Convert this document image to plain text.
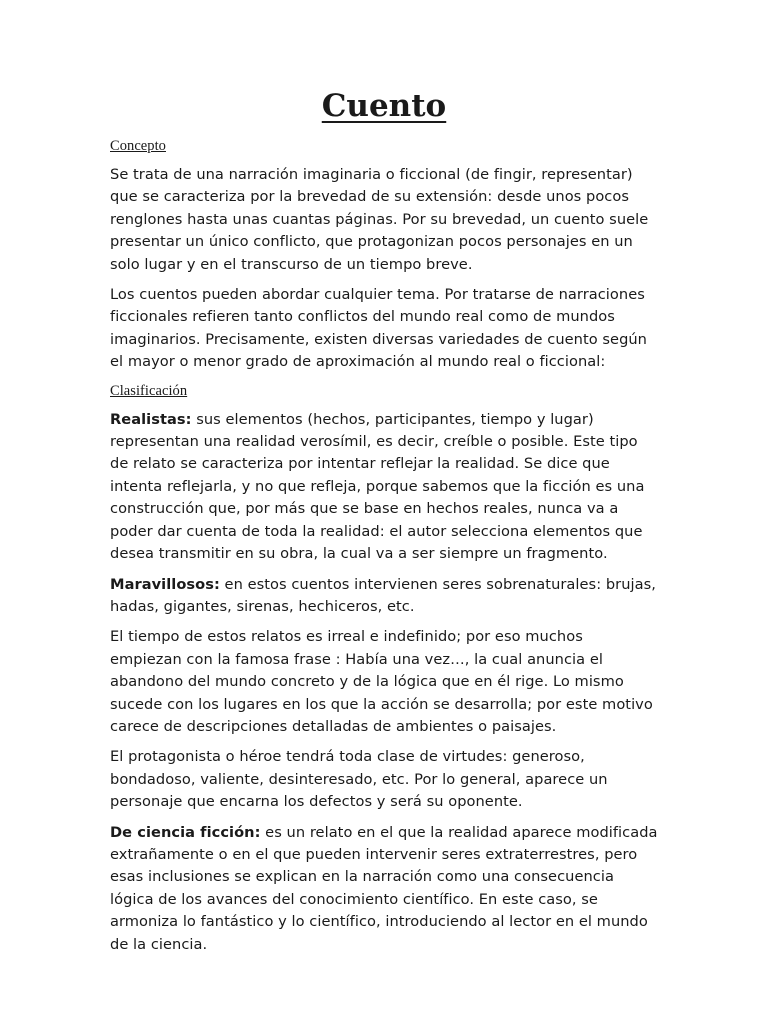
Cuento
Concepto

Se trata de una narración imaginaria o ficcional (de fingir, representar) que se caracteriza por la brevedad de su extensión: desde unos pocos renglones hasta unas cuantas páginas. Por su brevedad, un cuento suele presentar un único conflicto, que protagonizan pocos personajes en un solo lugar y en el transcurso de un tiempo breve.

Los cuentos pueden abordar cualquier tema. Por tratarse de narraciones ficcionales refieren tanto conflictos del mundo real como de mundos imaginarios. Precisamente, existen diversas variedades de cuento según el mayor o menor grado de aproximación al mundo real o ficcional:

Clasificación

Realistas: sus elementos (hechos, participantes, tiempo y lugar) representan una realidad verosímil, es decir, creíble o posible. Este tipo de relato se caracteriza por intentar reflejar la realidad. Se dice que intenta reflejarla, y no que refleja, porque sabemos que la ficción es una construcción que, por más que se base en hechos reales, nunca va a poder dar cuenta de toda la realidad: el autor selecciona elementos que desea transmitir en su obra, la cual va a ser siempre un fragmento.

Maravillosos: en estos cuentos intervienen seres sobrenaturales: brujas, hadas, gigantes, sirenas, hechiceros, etc.

El tiempo de estos relatos es irreal e indefinido; por eso muchos empiezan con la famosa frase : Había una vez…, la cual anuncia el abandono del mundo concreto y de la lógica que en él rige. Lo mismo sucede con los lugares en los que la acción se desarrolla; por este motivo carece de descripciones detalladas de ambientes o paisajes.

El protagonista o héroe tendrá toda clase de virtudes: generoso, bondadoso, valiente, desinteresado, etc. Por lo general, aparece un personaje que encarna los defectos y será su oponente.

De ciencia ficción: es un relato en el que la realidad aparece modificada extrañamente o en el que pueden intervenir seres extraterrestres, pero esas inclusiones se explican en la narración como una consecuencia lógica de los avances del conocimiento científico. En este caso, se armoniza lo fantástico y lo científico, introduciendo al lector en el mundo de la ciencia.
